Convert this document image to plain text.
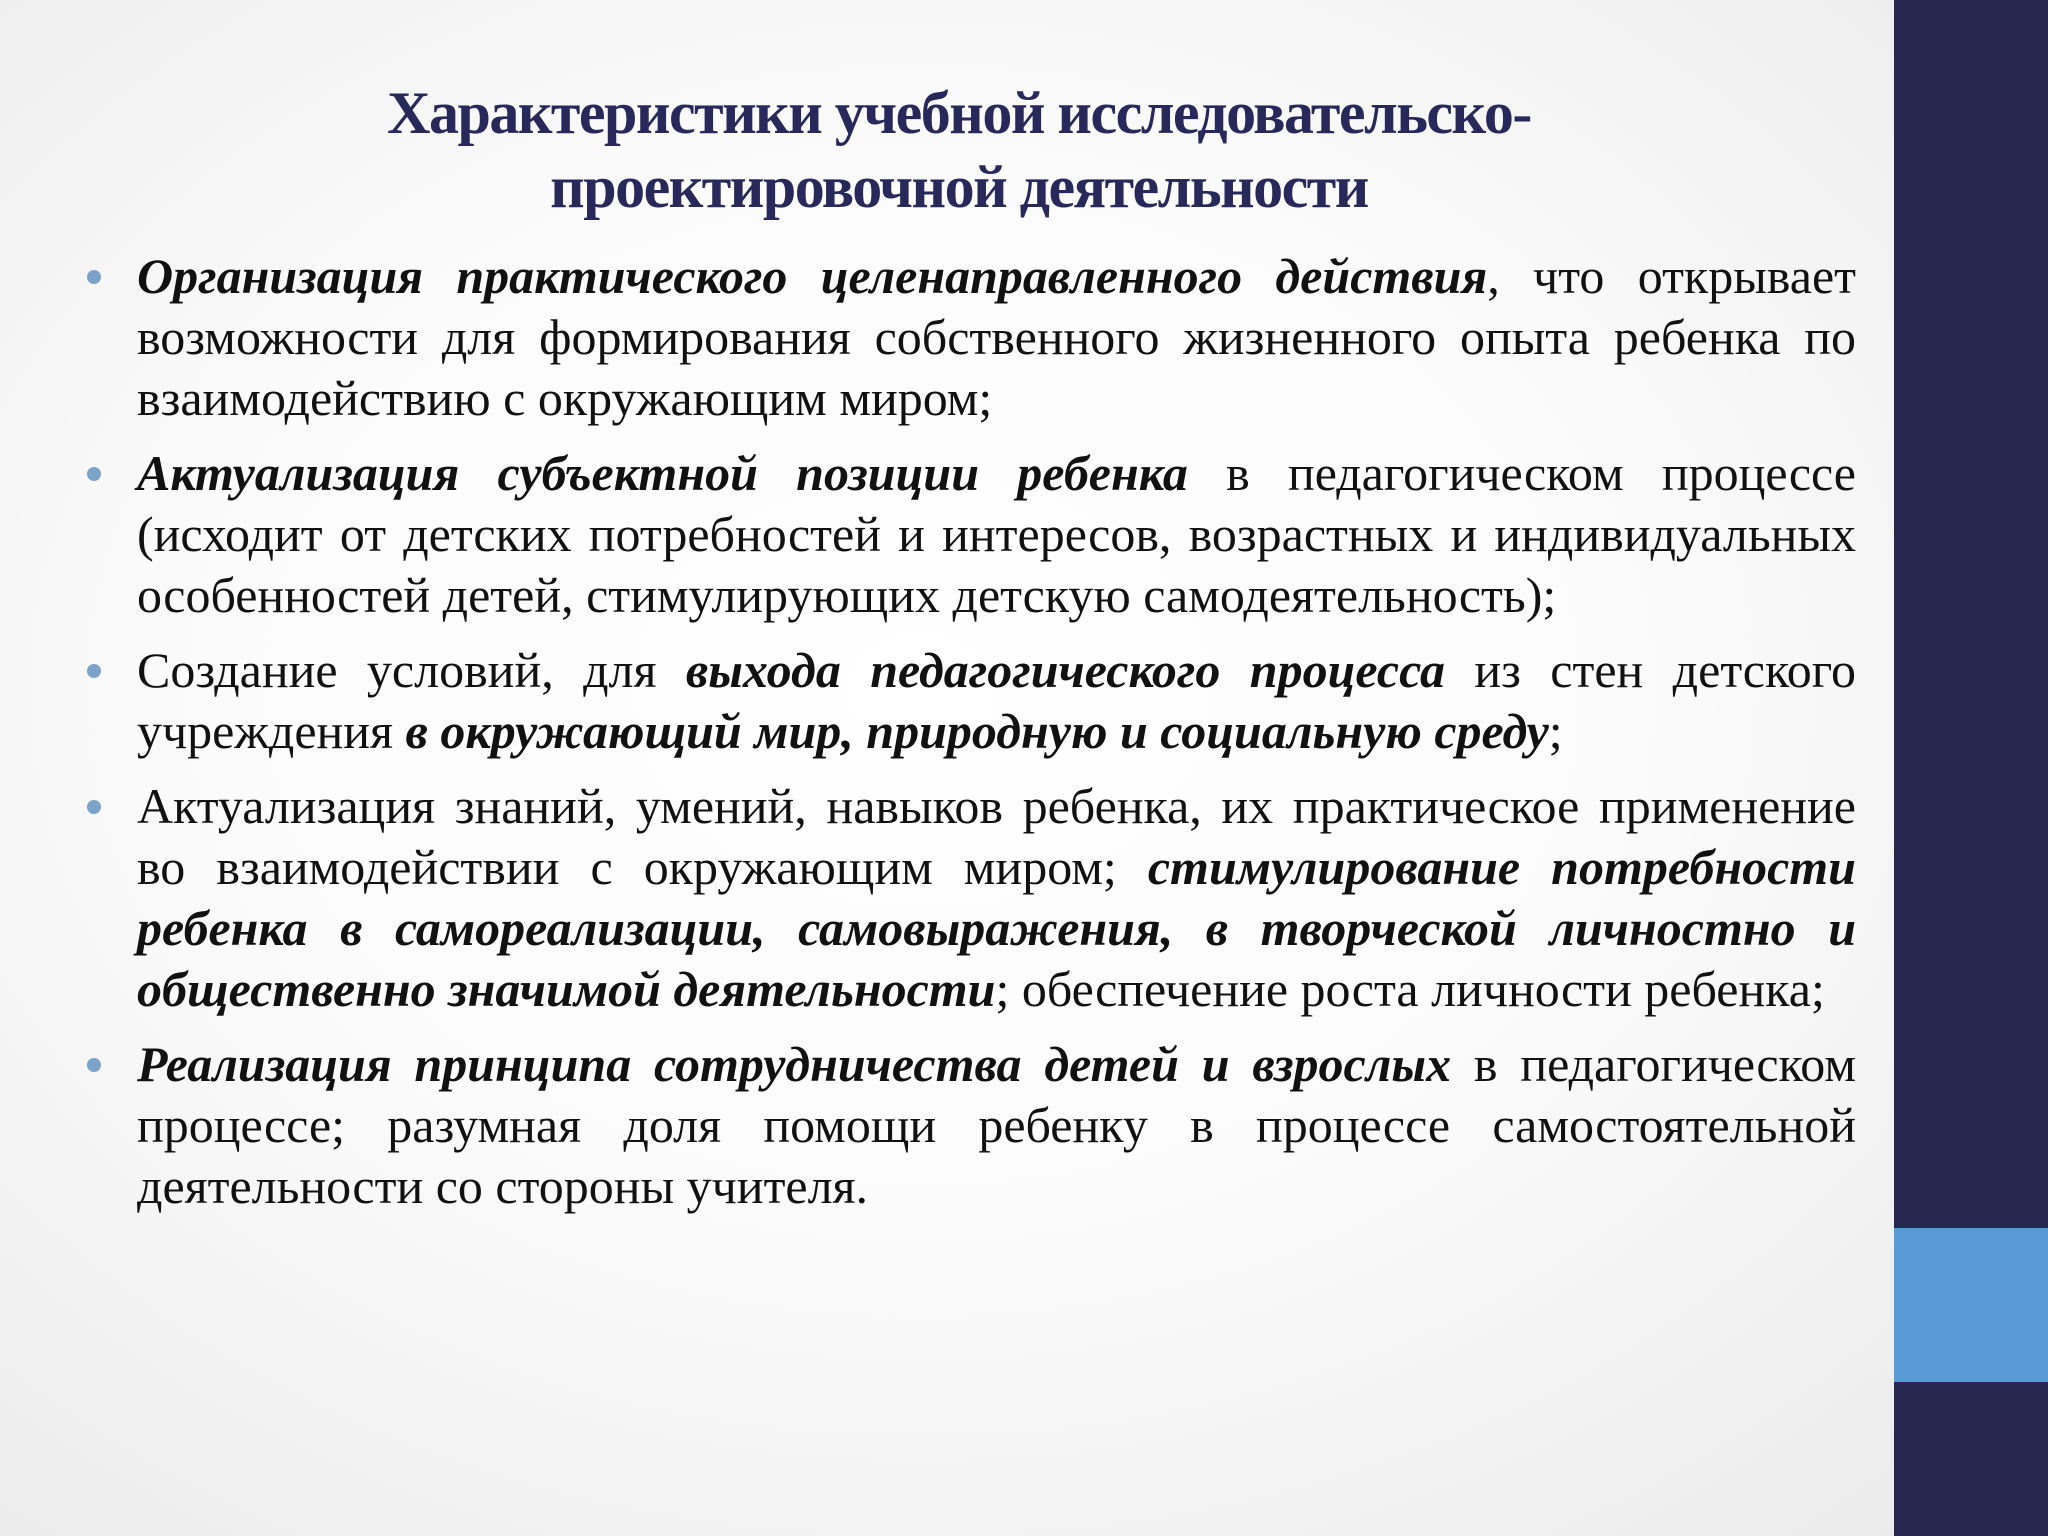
Характеристики учебной исследовательско-
проектировочной деятельности
Организация практического целенаправленного действия, что открывает возможности для формирования собственного жизненного опыта ребенка по взаимодействию с окружающим миром;
Актуализация субъектной позиции ребенка в педагогическом процессе (исходит от детских потребностей и интересов, возрастных и индивидуальных особенностей детей, стимулирующих детскую самодеятельность);
Создание условий, для выхода педагогического процесса из стен детского учреждения в окружающий мир, природную и социальную среду;
Актуализация знаний, умений, навыков ребенка, их практическое применение во взаимодействии с окружающим миром; стимулирование потребности ребенка в самореализации, самовыражения, в творческой личностно и общественно значимой деятельности; обеспечение роста личности ребенка;
Реализация принципа сотрудничества детей и взрослых в педагогическом процессе; разумная доля помощи ребенку в процессе самостоятельной деятельности со стороны учителя.
